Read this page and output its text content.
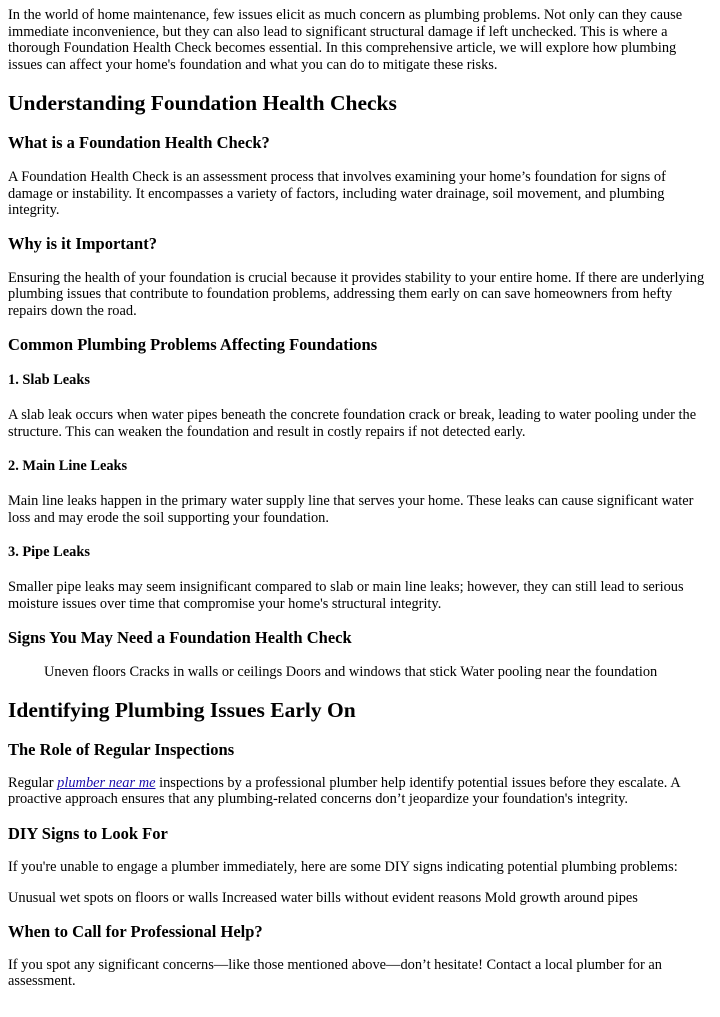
In the world of home maintenance, few issues elicit as much concern as plumbing problems. Not only can they cause immediate inconvenience, but they can also lead to significant structural damage if left unchecked. This is where a thorough Foundation Health Check becomes essential. In this comprehensive article, we will explore how plumbing issues can affect your home's foundation and what you can do to mitigate these risks.

Understanding Foundation Health Checks
What is a Foundation Health Check?

A Foundation Health Check is an assessment process that involves examining your home’s foundation for signs of damage or instability. It encompasses a variety of factors, including water drainage, soil movement, and plumbing integrity.

Why is it Important?

Ensuring the health of your foundation is crucial because it provides stability to your entire home. If there are underlying plumbing issues that contribute to foundation problems, addressing them early on can save homeowners from hefty repairs down the road.

Common Plumbing Problems Affecting Foundations
1. Slab Leaks

A slab leak occurs when water pipes beneath the concrete foundation crack or break, leading to water pooling under the structure. This can weaken the foundation and result in costly repairs if not detected early.

2. Main Line Leaks

Main line leaks happen in the primary water supply line that serves your home. These leaks can cause significant water loss and may erode the soil supporting your foundation.

3. Pipe Leaks

Smaller pipe leaks may seem insignificant compared to slab or main line leaks; however, they can still lead to serious moisture issues over time that compromise your home's structural integrity.

Signs You May Need a Foundation Health Check

Uneven floors Cracks in walls or ceilings Doors and windows that stick Water pooling near the foundation

Identifying Plumbing Issues Early On
The Role of Regular Inspections

Regular plumber near me inspections by a professional plumber help identify potential issues before they escalate. A proactive approach ensures that any plumbing-related concerns don’t jeopardize your foundation's integrity.

DIY Signs to Look For

If you're unable to engage a plumber immediately, here are some DIY signs indicating potential plumbing problems:

Unusual wet spots on floors or walls Increased water bills without evident reasons Mold growth around pipes

When to Call for Professional Help?

If you spot any significant concerns—like those mentioned above—don’t hesitate! Contact a local plumber for an assessment.
